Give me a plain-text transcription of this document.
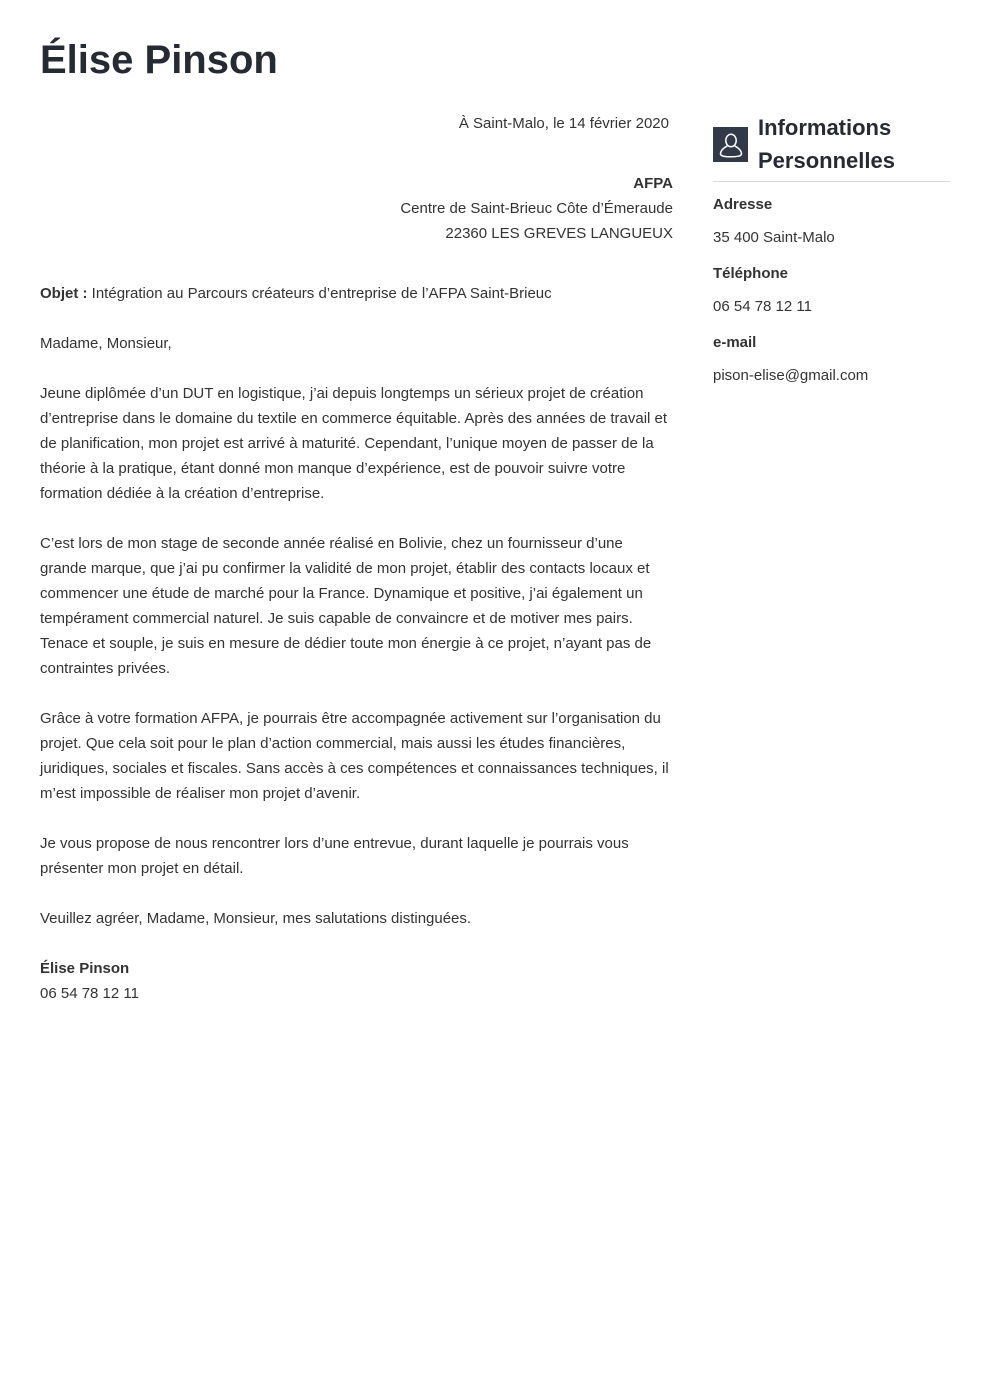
Élise Pinson

À Saint-Malo, le 14 février 2020

AFPA
Centre de Saint-Brieuc Côte d’Émeraude
22360 LES GREVES LANGUEUX

Objet : Intégration au Parcours créateurs d’entreprise de l’AFPA Saint-Brieuc

Madame, Monsieur,

Jeune diplômée d’un DUT en logistique, j’ai depuis longtemps un sérieux projet de création d’entreprise dans le domaine du textile en commerce équitable. Après des années de travail et de planification, mon projet est arrivé à maturité. Cependant, l’unique moyen de passer de la théorie à la pratique, étant donné mon manque d’expérience, est de pouvoir suivre votre formation dédiée à la création d’entreprise.

C’est lors de mon stage de seconde année réalisé en Bolivie, chez un fournisseur d’une grande marque, que j’ai pu confirmer la validité de mon projet, établir des contacts locaux et commencer une étude de marché pour la France. Dynamique et positive, j’ai également un tempérament commercial naturel. Je suis capable de convaincre et de motiver mes pairs. Tenace et souple, je suis en mesure de dédier toute mon énergie à ce projet, n’ayant pas de contraintes privées.

Grâce à votre formation AFPA, je pourrais être accompagnée activement sur l’organisation du projet. Que cela soit pour le plan d’action commercial, mais aussi les études financières, juridiques, sociales et fiscales. Sans accès à ces compétences et connaissances techniques, il m’est impossible de réaliser mon projet d’avenir.

Je vous propose de nous rencontrer lors d’une entrevue, durant laquelle je pourrais vous présenter mon projet en détail.

Veuillez agréer, Madame, Monsieur, mes salutations distinguées.

Élise Pinson
06 54 78 12 11
Informations
Personnelles
Adresse
35 400 Saint-Malo
Téléphone
06 54 78 12 11
e-mail
pison-elise@gmail.com
